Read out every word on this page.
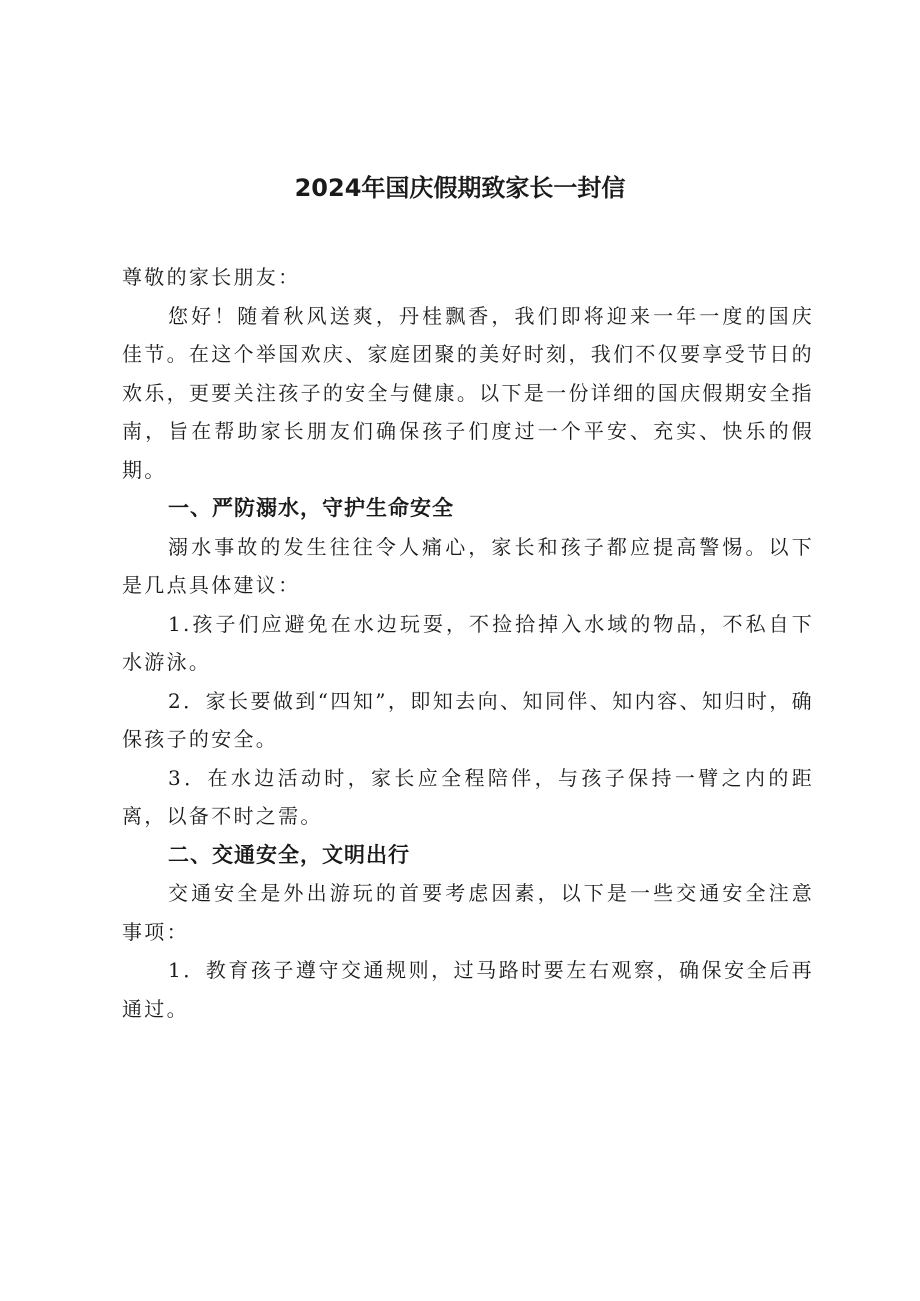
2024年国庆假期致家长一封信

尊敬的家长朋友：

您好！随着秋风送爽，丹桂飘香，我们即将迎来一年一度的国庆佳节。在这个举国欢庆、家庭团聚的美好时刻，我们不仅要享受节日的欢乐，更要关注孩子的安全与健康。以下是一份详细的国庆假期安全指南，旨在帮助家长朋友们确保孩子们度过一个平安、充实、快乐的假期。

一、严防溺水，守护生命安全

溺水事故的发生往往令人痛心，家长和孩子都应提高警惕。以下是几点具体建议：

1.孩子们应避免在水边玩耍，不捡拾掉入水域的物品，不私自下水游泳。

2．家长要做到“四知”，即知去向、知同伴、知内容、知归时，确保孩子的安全。

3．在水边活动时，家长应全程陪伴，与孩子保持一臂之内的距离，以备不时之需。

二、交通安全，文明出行

交通安全是外出游玩的首要考虑因素，以下是一些交通安全注意事项：

1．教育孩子遵守交通规则，过马路时要左右观察，确保安全后再通过。
